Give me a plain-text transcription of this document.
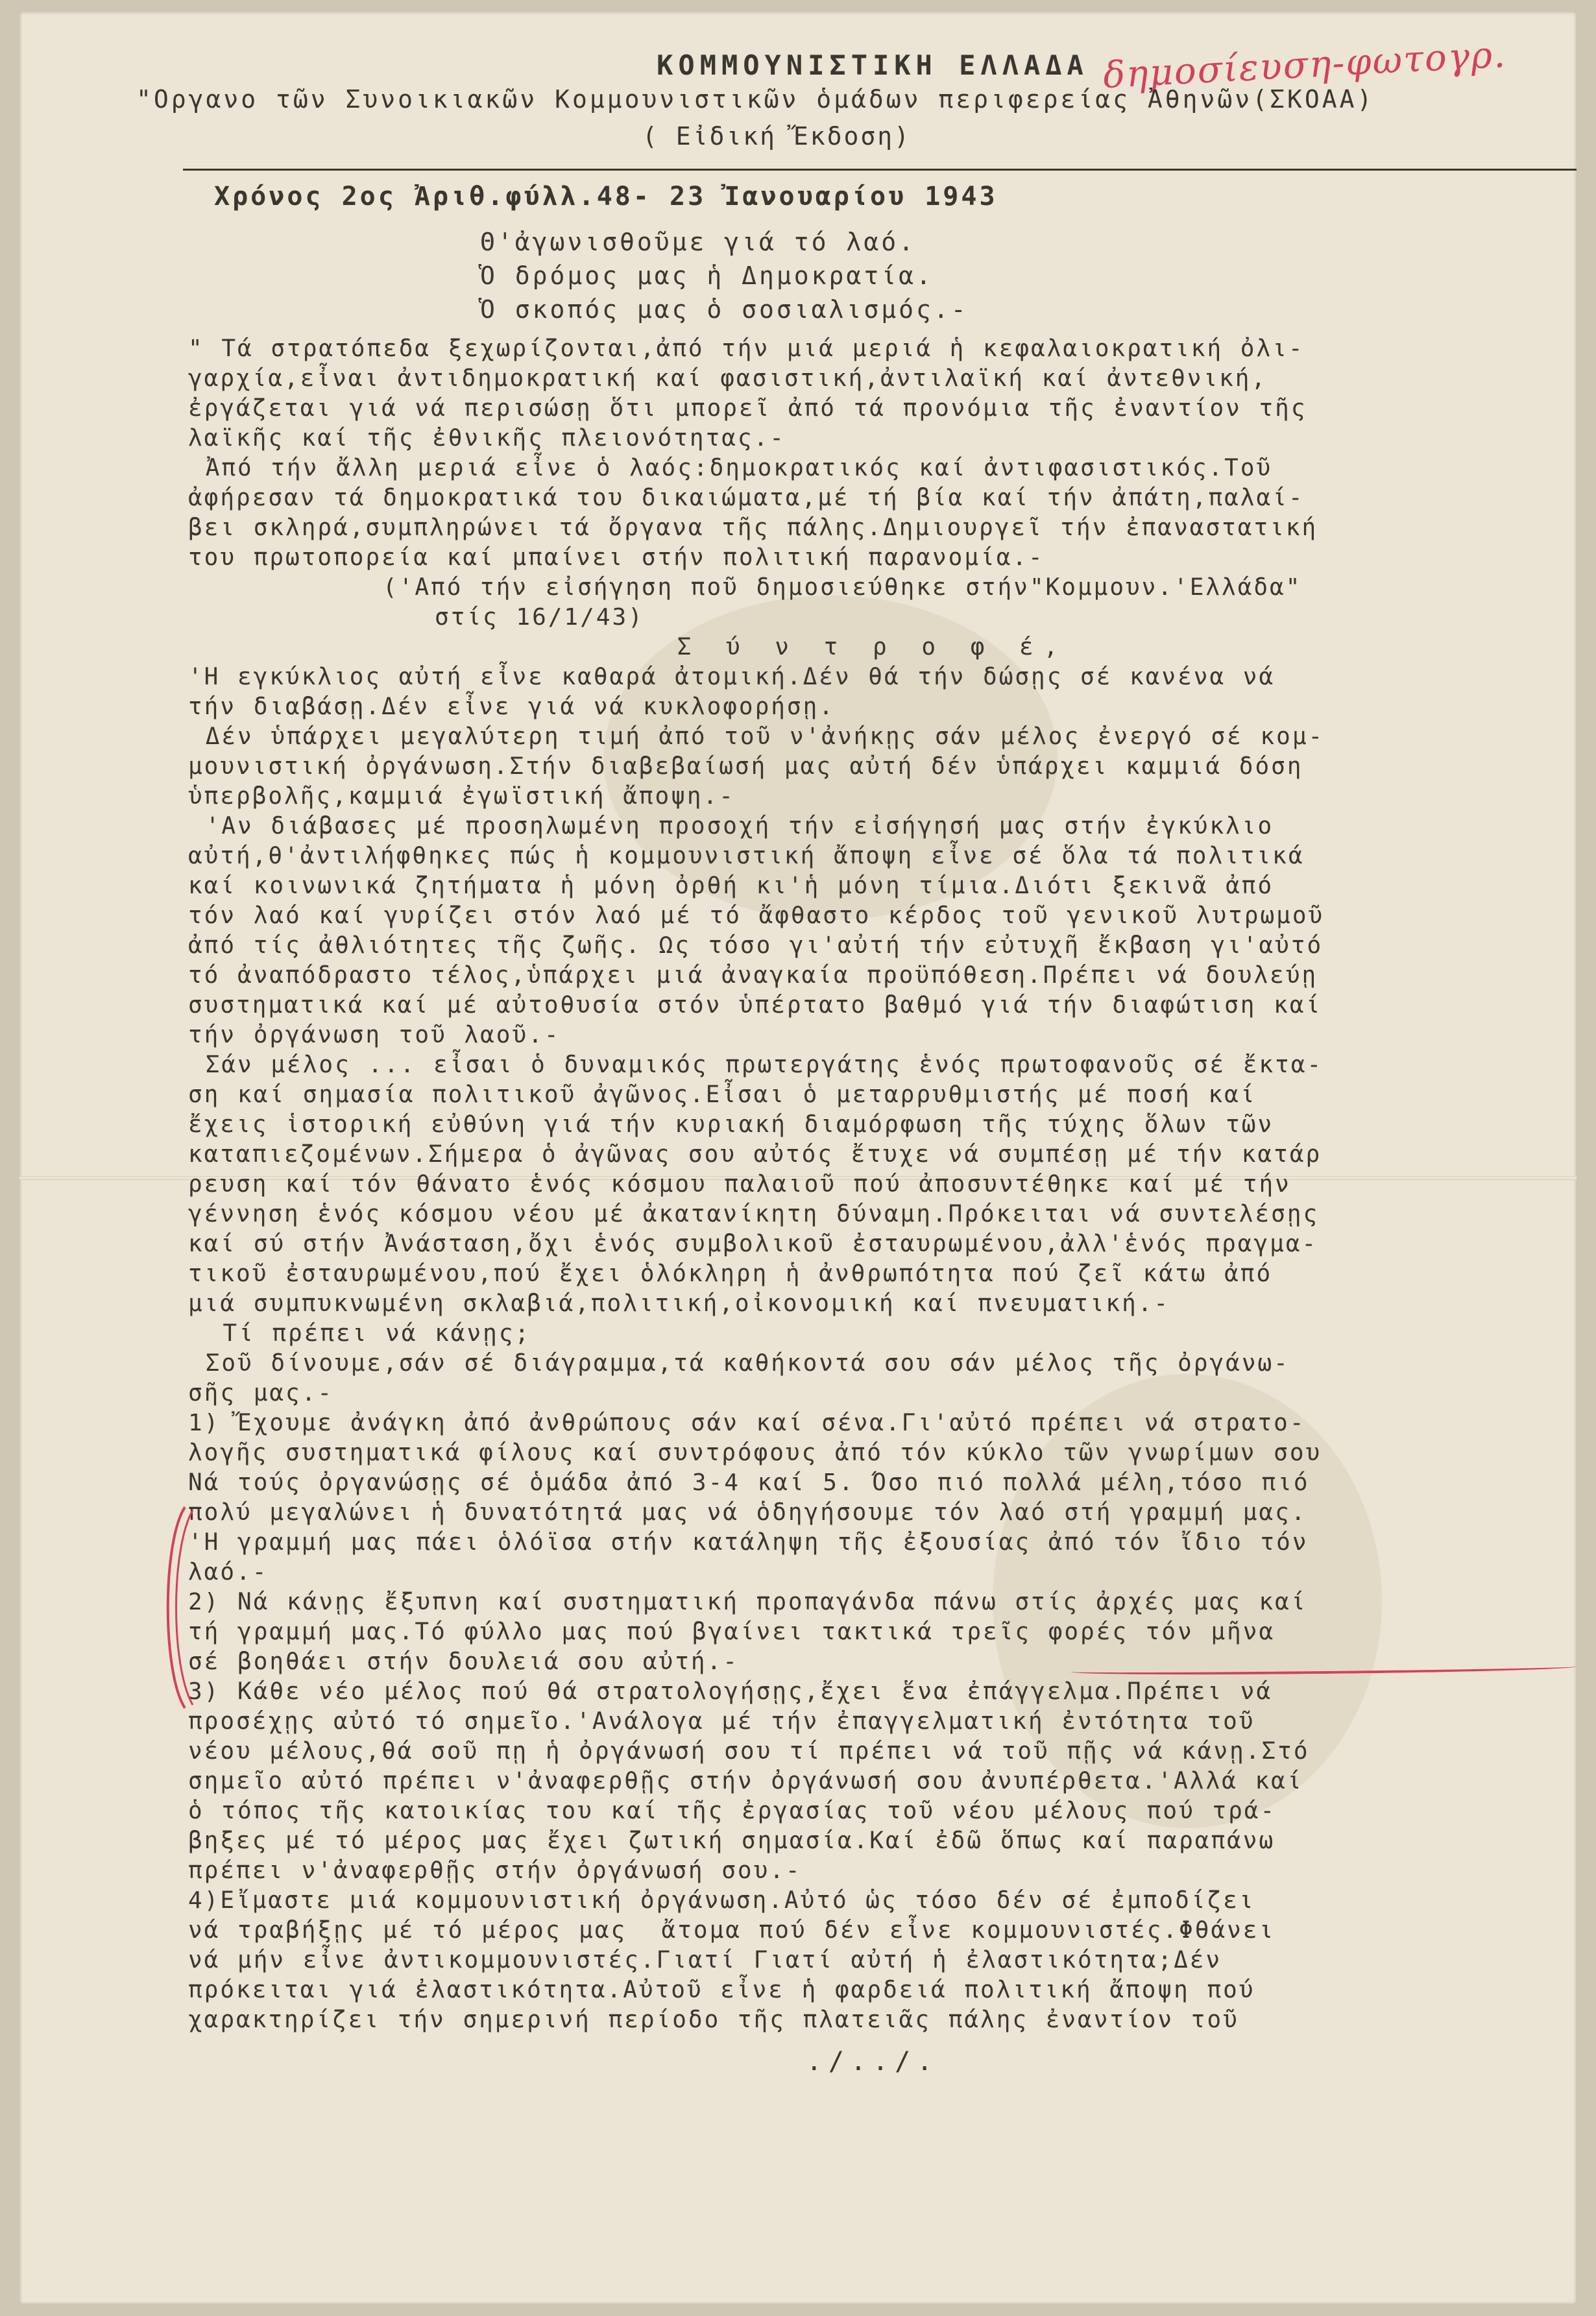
δημοσίευση-φωτογρ.
ΚΟΜΜΟΥΝΙΣΤΙΚΗ ΕΛΛΑΔΑ
"Οργανο τῶν Συνοικιακῶν Κομμουνιστικῶν ὁμάδων περιφερείας Ἀθηνῶν(ΣΚΟΑΑ)
( Εἰδική Ἔκδοση)
Χρόνος 2ος Ἀριθ.φύλλ.48- 23 Ἰανουαρίου 1943
Θ'ἀγωνισθοῦμε γιά τό λαό.
Ὁ δρόμος μας ἡ Δημοκρατία.
Ὁ σκοπός μας ὁ σοσιαλισμός.-

" Τά στρατόπεδα ξεχωρίζονται,ἀπό τήν μιά μεριά ἡ κεφαλαιοκρατική ὀλι-
γαρχία,εἶναι ἀντιδημοκρατική καί φασιστική,ἀντιλαϊκή καί ἀντεθνική,
ἐργάζεται γιά νά περισώσῃ ὅτι μπορεῖ ἀπό τά προνόμια τῆς ἐναντίον τῆς
λαϊκῆς καί τῆς ἐθνικῆς πλειονότητας.-

Ἀπό τήν ἄλλη μεριά εἶνε ὁ λαός:δημοκρατικός καί ἀντιφασιστικός.Τοῦ
ἀφήρεσαν τά δημοκρατικά του δικαιώματα,μέ τή βία καί τήν ἀπάτη,παλαί-
βει σκληρά,συμπληρώνει τά ὄργανα τῆς πάλης.Δημιουργεῖ τήν ἐπαναστατική
του πρωτοπορεία καί μπαίνει στήν πολιτική παρανομία.-

('Από τήν εἰσήγηση ποῦ δημοσιεύθηκε στήν"Κομμουν.'Ελλάδα"
στίς 16/1/43)

Σ ύ ν τ ρ ο φ έ,

'Η εγκύκλιος αὐτή εἶνε καθαρά ἀτομική.Δέν θά τήν δώσῃς σέ κανένα νά
τήν διαβάσῃ.Δέν εἶνε γιά νά κυκλοφορήσῃ.

Δέν ὑπάρχει μεγαλύτερη τιμή ἀπό τοῦ ν'ἀνήκῃς σάν μέλος ἐνεργό σέ κομ-
μουνιστική ὀργάνωση.Στήν διαβεβαίωσή μας αὐτή δέν ὑπάρχει καμμιά δόση
ὑπερβολῆς,καμμιά ἐγωϊστική ἄποψη.-

'Αν διάβασες μέ προσηλωμένη προσοχή τήν εἰσήγησή μας στήν ἐγκύκλιο
αὐτή,θ'ἀντιλήφθηκες πώς ἡ κομμουνιστική ἄποψη εἶνε σέ ὅλα τά πολιτικά
καί κοινωνικά ζητήματα ἡ μόνη ὀρθή κι'ἡ μόνη τίμια.Διότι ξεκινᾶ ἀπό
τόν λαό καί γυρίζει στόν λαό μέ τό ἄφθαστο κέρδος τοῦ γενικοῦ λυτρωμοῦ
ἀπό τίς ἀθλιότητες τῆς ζωῆς. Ως τόσο γι'αὐτή τήν εὐτυχῆ ἔκβαση γι'αὐτό
τό ἀναπόδραστο τέλος,ὑπάρχει μιά ἀναγκαία προϋπόθεση.Πρέπει νά δουλεύῃ
συστηματικά καί μέ αὐτοθυσία στόν ὑπέρτατο βαθμό γιά τήν διαφώτιση καί
τήν ὀργάνωση τοῦ λαοῦ.-

Σάν μέλος ... εἶσαι ὁ δυναμικός πρωτεργάτης ἑνός πρωτοφανοῦς σέ ἔκτα-
ση καί σημασία πολιτικοῦ ἀγῶνος.Εἶσαι ὁ μεταρρυθμιστής μέ ποσή καί
ἔχεις ἱστορική εὐθύνη γιά τήν κυριακή διαμόρφωση τῆς τύχης ὅλων τῶν
καταπιεζομένων.Σήμερα ὁ ἀγῶνας σου αὐτός ἔτυχε νά συμπέσῃ μέ τήν κατάρ
ρευση καί τόν θάνατο ἑνός κόσμου παλαιοῦ πού ἀποσυντέθηκε καί μέ τήν
γέννηση ἑνός κόσμου νέου μέ ἀκατανίκητη δύναμη.Πρόκειται νά συντελέσῃς
καί σύ στήν Ἀνάσταση,ὄχι ἑνός συμβολικοῦ ἐσταυρωμένου,ἀλλ'ἑνός πραγμα-
τικοῦ ἐσταυρωμένου,πού ἔχει ὁλόκληρη ἡ ἀνθρωπότητα πού ζεῖ κάτω ἀπό
μιά συμπυκνωμένη σκλαβιά,πολιτική,οἰκονομική καί πνευματική.-

Τί πρέπει νά κάνῃς;

Σοῦ δίνουμε,σάν σέ διάγραμμα,τά καθήκοντά σου σάν μέλος τῆς ὀργάνω-
σῆς μας.-

1) Ἔχουμε ἀνάγκη ἀπό ἀνθρώπους σάν καί σένα.Γι'αὐτό πρέπει νά στρατο-
λογῆς συστηματικά φίλους καί συντρόφους ἀπό τόν κύκλο τῶν γνωρίμων σου
Νά τούς ὀργανώσῃς σέ ὁμάδα ἀπό 3-4 καί 5. Όσο πιό πολλά μέλη,τόσο πιό
πολύ μεγαλώνει ἡ δυνατότητά μας νά ὁδηγήσουμε τόν λαό στή γραμμή μας.
'Η γραμμή μας πάει ὁλόϊσα στήν κατάληψη τῆς ἐξουσίας ἀπό τόν ἴδιο τόν
λαό.-

2) Νά κάνῃς ἔξυπνη καί συστηματική προπαγάνδα πάνω στίς ἀρχές μας καί
τή γραμμή μας.Τό φύλλο μας πού βγαίνει τακτικά τρεῖς φορές τόν μῆνα
σέ βοηθάει στήν δουλειά σου αὐτή.-

3) Κάθε νέο μέλος πού θά στρατολογήσῃς,ἔχει ἕνα ἐπάγγελμα.Πρέπει νά
προσέχῃς αὐτό τό σημεῖο.'Ανάλογα μέ τήν ἐπαγγελματική ἐντότητα τοῦ
νέου μέλους,θά σοῦ πῃ ἡ ὀργάνωσή σου τί πρέπει νά τοῦ πῇς νά κάνῃ.Στό
σημεῖο αὐτό πρέπει ν'ἀναφερθῇς στήν ὀργάνωσή σου ἀνυπέρθετα.'Αλλά καί
ὁ τόπος τῆς κατοικίας του καί τῆς ἐργασίας τοῦ νέου μέλους πού τρά-
βηξες μέ τό μέρος μας ἔχει ζωτική σημασία.Καί ἐδῶ ὅπως καί παραπάνω
πρέπει ν'ἀναφερθῇς στήν ὀργάνωσή σου.-

4)Εἴμαστε μιά κομμουνιστική ὀργάνωση.Αὐτό ὡς τόσο δέν σέ ἐμποδίζει
νά τραβήξῃς μέ τό μέρος μας  ἄτομα πού δέν εἶνε κομμουνιστές.Φθάνει
νά μήν εἶνε ἀντικομμουνιστές.Γιατί Γιατί αὐτή ἡ ἐλαστικότητα;Δέν
πρόκειται γιά ἐλαστικότητα.Αὐτοῦ εἶνε ἡ φαρδειά πολιτική ἄποψη πού
χαρακτηρίζει τήν σημερινή περίοδο τῆς πλατειᾶς πάλης ἐναντίον τοῦ

./../.
